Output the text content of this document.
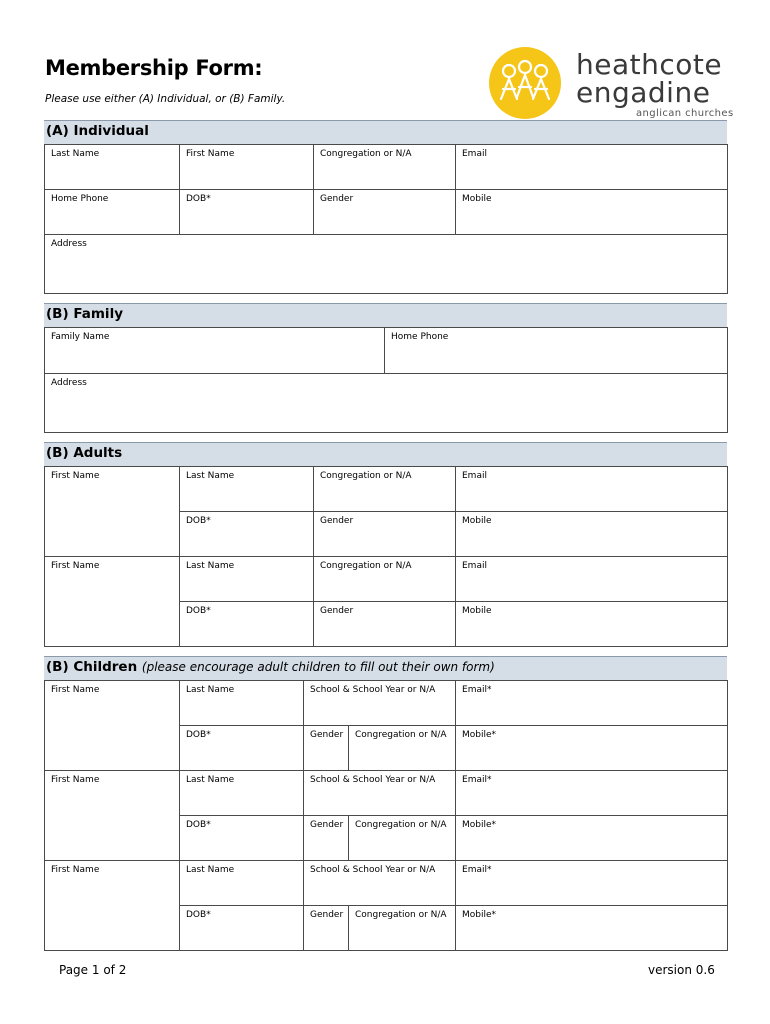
Membership Form:
Please use either (A) Individual, or (B) Family.
heathcote
engadine
anglican churches
(A) Individual
Last Name	First Name	Congregation or N/A	Email
Home Phone	DOB*	Gender	Mobile
Address			
(B) Family
Family Name	Home Phone
Address
(B) Adults
First Name	Last Name	Congregation or N/A	Email
	DOB*	Gender	Mobile
First Name	Last Name	Congregation or N/A	Email
	DOB*	Gender	Mobile
(B) Children (please encourage adult children to fill out their own form)
First Name	Last Name	School & School Year or N/A		Email*
	DOB*	Gender	Congregation or N/A	Mobile*
First Name	Last Name	School & School Year or N/A		Email*
	DOB*	Gender	Congregation or N/A	Mobile*
First Name	Last Name	School & School Year or N/A		Email*
	DOB*	Gender	Congregation or N/A	Mobile*
Page 1 of 2	version 0.6
